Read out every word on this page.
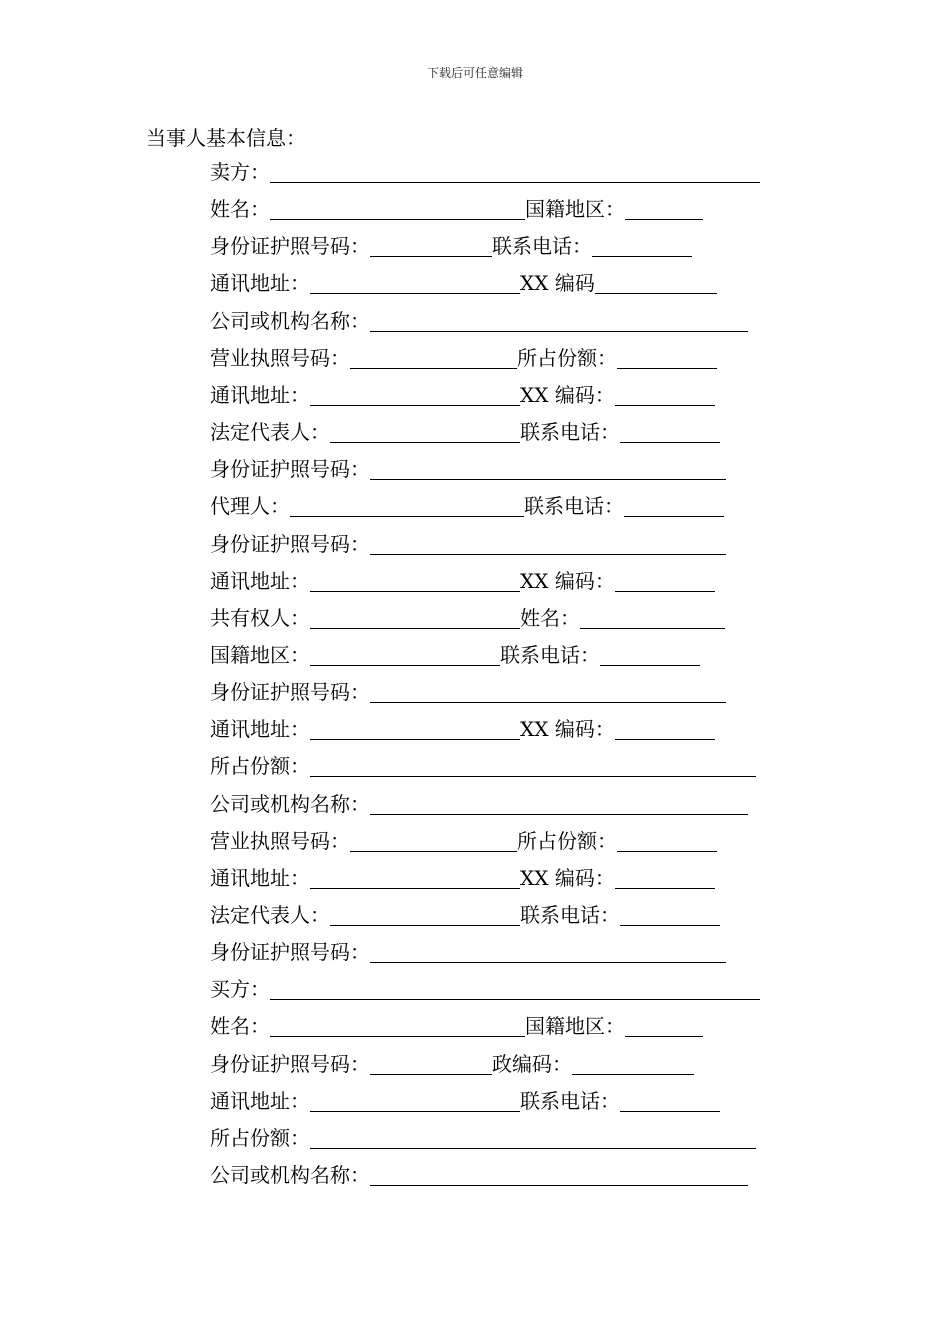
下载后可任意编辑
当事人基本信息：
卖方：
姓名：	国籍地区：
身份证护照号码：	联系电话：
通讯地址：	XX 编码
公司或机构名称：
营业执照号码：	所占份额：
通讯地址：	XX 编码：
法定代表人：	联系电话：
身份证护照号码：
代理人：	联系电话：
身份证护照号码：
通讯地址：	XX 编码：
共有权人：	姓名：
国籍地区：	联系电话：
身份证护照号码：
通讯地址：	XX 编码：
所占份额：
公司或机构名称：
营业执照号码：	所占份额：
通讯地址：	XX 编码：
法定代表人：	联系电话：
身份证护照号码：
买方：
姓名：	国籍地区：
身份证护照号码：	政编码：
通讯地址：	联系电话：
所占份额：
公司或机构名称：
